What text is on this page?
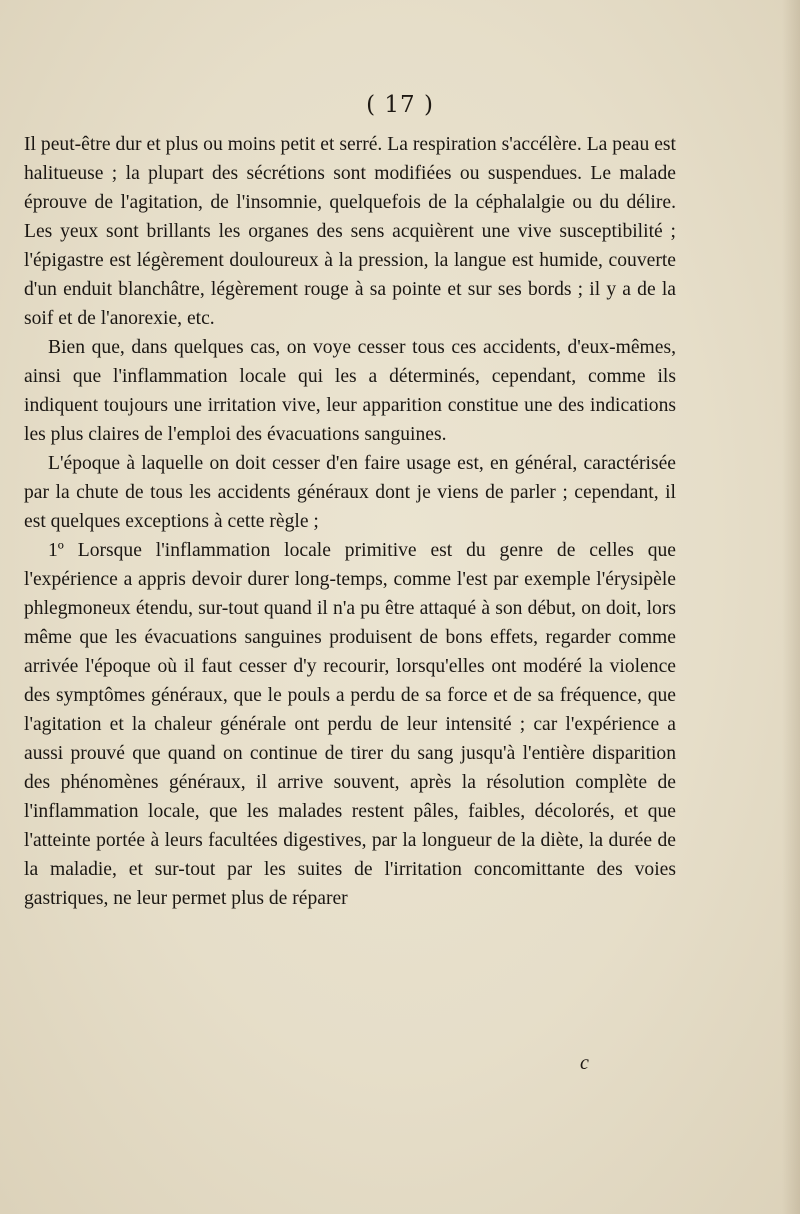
( 17 )

Il peut-être dur et plus ou moins petit et serré. La respiration s'accélère. La peau est halitueuse ; la plupart des sécrétions sont modifiées ou suspendues. Le malade éprouve de l'agitation, de l'insomnie, quelquefois de la céphalalgie ou du délire. Les yeux sont brillants les organes des sens acquièrent une vive susceptibilité ; l'épigastre est légèrement douloureux à la pression, la langue est humide, couverte d'un enduit blanchâtre, légèrement rouge à sa pointe et sur ses bords ; il y a de la soif et de l'anorexie, etc.

Bien que, dans quelques cas, on voye cesser tous ces accidents, d'eux-mêmes, ainsi que l'inflammation locale qui les a déterminés, cependant, comme ils indiquent toujours une irritation vive, leur apparition constitue une des indications les plus claires de l'emploi des évacuations sanguines.

L'époque à laquelle on doit cesser d'en faire usage est, en général, caractérisée par la chute de tous les accidents généraux dont je viens de parler ; cependant, il est quelques exceptions à cette règle ;

1º Lorsque l'inflammation locale primitive est du genre de celles que l'expérience a appris devoir durer long-temps, comme l'est par exemple l'érysipèle phlegmoneux étendu, sur-tout quand il n'a pu être attaqué à son début, on doit, lors même que les évacuations sanguines produisent de bons effets, regarder comme arrivée l'époque où il faut cesser d'y recourir, lorsqu'elles ont modéré la violence des symptômes généraux, que le pouls a perdu de sa force et de sa fréquence, que l'agitation et la chaleur générale ont perdu de leur intensité ; car l'expérience a aussi prouvé que quand on continue de tirer du sang jusqu'à l'entière disparition des phénomènes généraux, il arrive souvent, après la résolution complète de l'inflammation locale, que les malades restent pâles, faibles, décolorés, et que l'atteinte portée à leurs facultées digestives, par la longueur de la diète, la durée de la maladie, et sur-tout par les suites de l'irritation concomittante des voies gastriques, ne leur permet plus de réparer

c
